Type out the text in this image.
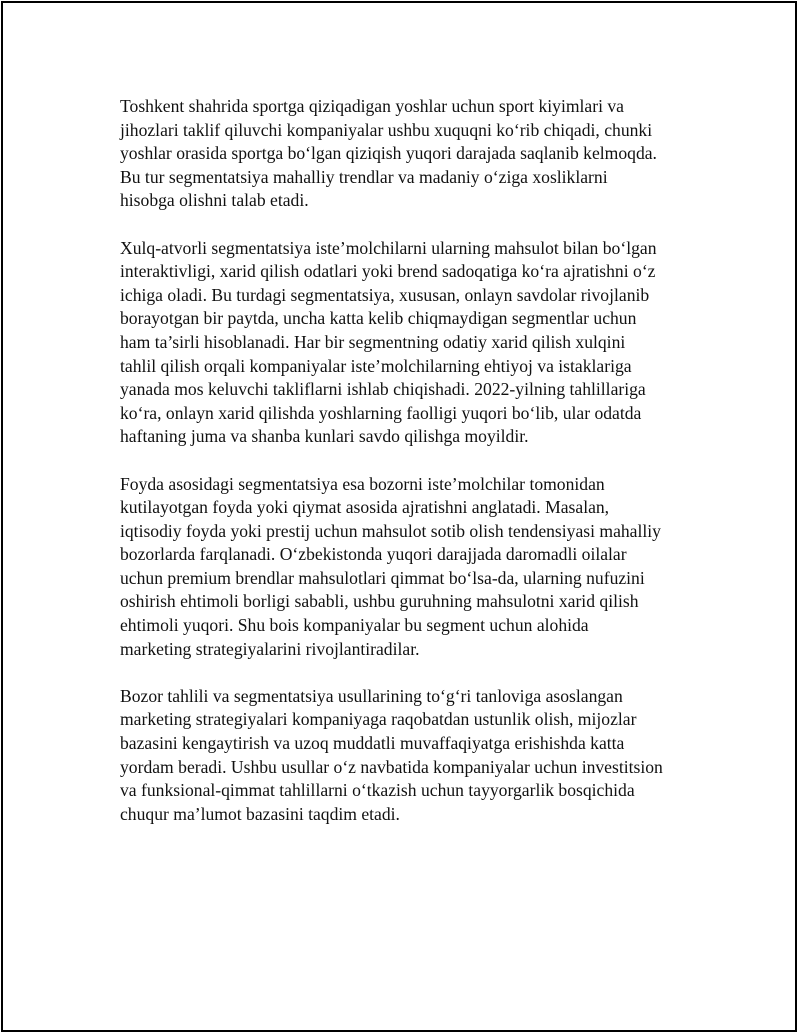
Toshkent shahrida sportga qiziqadigan yoshlar uchun sport kiyimlari va
jihozlari taklif qiluvchi kompaniyalar ushbu xuquqni ko‘rib chiqadi, chunki
yoshlar orasida sportga bo‘lgan qiziqish yuqori darajada saqlanib kelmoqda.
Bu tur segmentatsiya mahalliy trendlar va madaniy o‘ziga xosliklarni
hisobga olishni talab etadi.

Xulq-atvorli segmentatsiya iste’molchilarni ularning mahsulot bilan bo‘lgan
interaktivligi, xarid qilish odatlari yoki brend sadoqatiga ko‘ra ajratishni o‘z
ichiga oladi. Bu turdagi segmentatsiya, xususan, onlayn savdolar rivojlanib
borayotgan bir paytda, uncha katta kelib chiqmaydigan segmentlar uchun
ham ta’sirli hisoblanadi. Har bir segmentning odatiy xarid qilish xulqini
tahlil qilish orqali kompaniyalar iste’molchilarning ehtiyoj va istaklariga
yanada mos keluvchi takliflarni ishlab chiqishadi. 2022-yilning tahlillariga
ko‘ra, onlayn xarid qilishda yoshlarning faolligi yuqori bo‘lib, ular odatda
haftaning juma va shanba kunlari savdo qilishga moyildir.

Foyda asosidagi segmentatsiya esa bozorni iste’molchilar tomonidan
kutilayotgan foyda yoki qiymat asosida ajratishni anglatadi. Masalan,
iqtisodiy foyda yoki prestij uchun mahsulot sotib olish tendensiyasi mahalliy
bozorlarda farqlanadi. O‘zbekistonda yuqori darajjada daromadli oilalar
uchun premium brendlar mahsulotlari qimmat bo‘lsa-da, ularning nufuzini
oshirish ehtimoli borligi sababli, ushbu guruhning mahsulotni xarid qilish
ehtimoli yuqori. Shu bois kompaniyalar bu segment uchun alohida
marketing strategiyalarini rivojlantiradilar.

Bozor tahlili va segmentatsiya usullarining to‘g‘ri tanloviga asoslangan
marketing strategiyalari kompaniyaga raqobatdan ustunlik olish, mijozlar
bazasini kengaytirish va uzoq muddatli muvaffaqiyatga erishishda katta
yordam beradi. Ushbu usullar o‘z navbatida kompaniyalar uchun investitsion
va funksional-qimmat tahlillarni o‘tkazish uchun tayyorgarlik bosqichida
chuqur ma’lumot bazasini taqdim etadi.
